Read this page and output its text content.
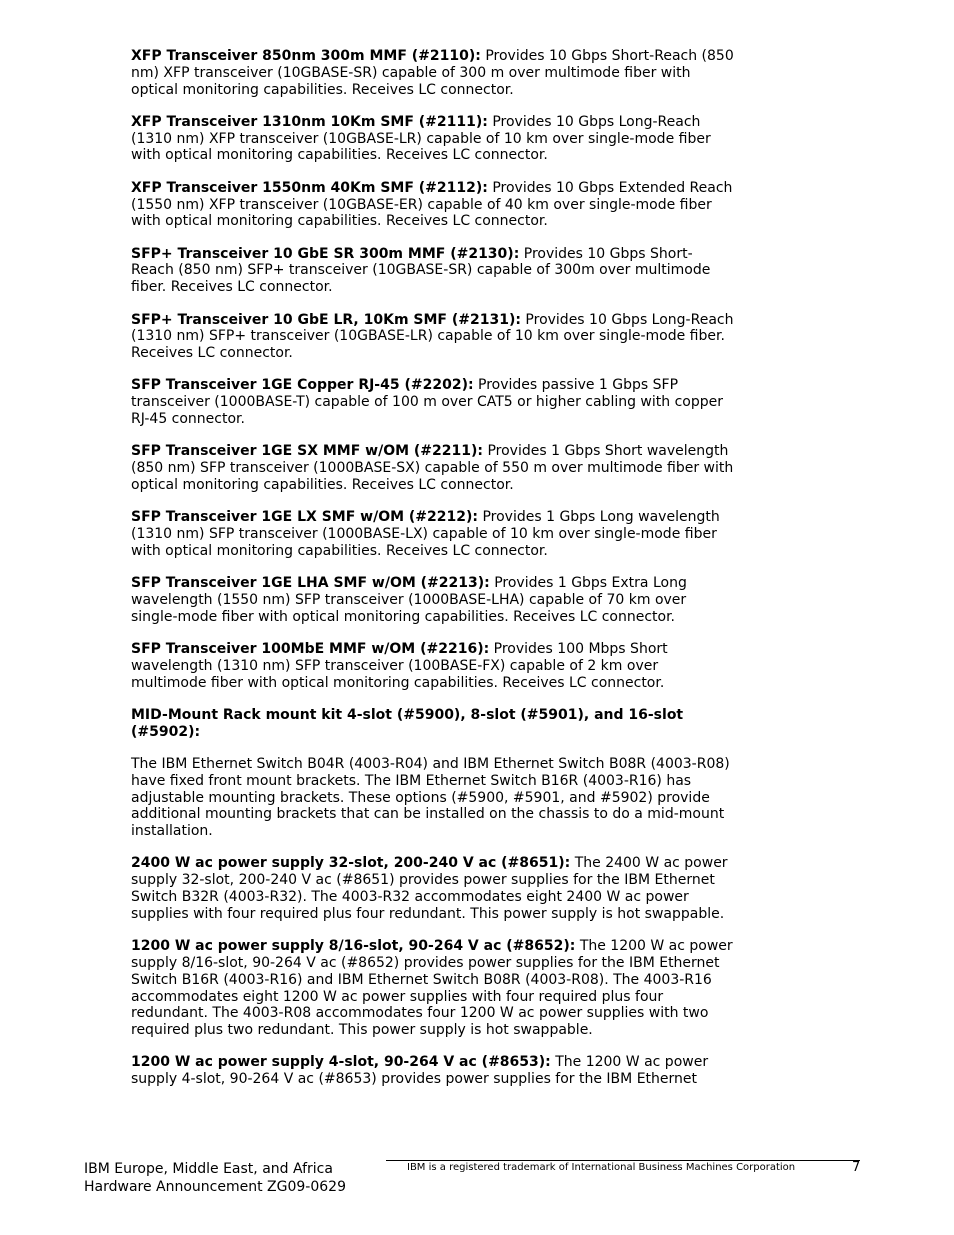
XFP Transceiver 850nm 300m MMF (#2110): Provides 10 Gbps Short-Reach (850 nm) XFP transceiver (10GBASE-SR) capable of 300 m over multimode fiber with optical monitoring capabilities. Receives LC connector.

XFP Transceiver 1310nm 10Km SMF (#2111): Provides 10 Gbps Long-Reach (1310 nm) XFP transceiver (10GBASE-LR) capable of 10 km over single-mode fiber with optical monitoring capabilities. Receives LC connector.

XFP Transceiver 1550nm 40Km SMF (#2112): Provides 10 Gbps Extended Reach (1550 nm) XFP transceiver (10GBASE-ER) capable of 40 km over single-mode fiber with optical monitoring capabilities. Receives LC connector.

SFP+ Transceiver 10 GbE SR 300m MMF (#2130): Provides 10 Gbps Short-Reach (850 nm) SFP+ transceiver (10GBASE-SR) capable of 300m over multimode fiber. Receives LC connector.

SFP+ Transceiver 10 GbE LR, 10Km SMF (#2131): Provides 10 Gbps Long-Reach (1310 nm) SFP+ transceiver (10GBASE-LR) capable of 10 km over single-mode fiber. Receives LC connector.

SFP Transceiver 1GE Copper RJ-45 (#2202): Provides passive 1 Gbps SFP transceiver (1000BASE-T) capable of 100 m over CAT5 or higher cabling with copper RJ-45 connector.

SFP Transceiver 1GE SX MMF w/OM (#2211): Provides 1 Gbps Short wavelength (850 nm) SFP transceiver (1000BASE-SX) capable of 550 m over multimode fiber with optical monitoring capabilities. Receives LC connector.

SFP Transceiver 1GE LX SMF w/OM (#2212): Provides 1 Gbps Long wavelength (1310 nm) SFP transceiver (1000BASE-LX) capable of 10 km over single-mode fiber with optical monitoring capabilities. Receives LC connector.

SFP Transceiver 1GE LHA SMF w/OM (#2213): Provides 1 Gbps Extra Long wavelength (1550 nm) SFP transceiver (1000BASE-LHA) capable of 70 km over single-mode fiber with optical monitoring capabilities. Receives LC connector.

SFP Transceiver 100MbE MMF w/OM (#2216): Provides 100 Mbps Short wavelength (1310 nm) SFP transceiver (100BASE-FX) capable of 2 km over multimode fiber with optical monitoring capabilities. Receives LC connector.

MID-Mount Rack mount kit 4-slot (#5900), 8-slot (#5901), and 16-slot (#5902):

The IBM Ethernet Switch B04R (4003-R04) and IBM Ethernet Switch B08R (4003-R08) have fixed front mount brackets. The IBM Ethernet Switch B16R (4003-R16) has adjustable mounting brackets. These options (#5900, #5901, and #5902) provide additional mounting brackets that can be installed on the chassis to do a mid-mount installation.

2400 W ac power supply 32-slot, 200-240 V ac (#8651): The 2400 W ac power supply 32-slot, 200-240 V ac (#8651) provides power supplies for the IBM Ethernet Switch B32R (4003-R32). The 4003-R32 accommodates eight 2400 W ac power supplies with four required plus four redundant. This power supply is hot swappable.

1200 W ac power supply 8/16-slot, 90-264 V ac (#8652): The 1200 W ac power supply 8/16-slot, 90-264 V ac (#8652) provides power supplies for the IBM Ethernet Switch B16R (4003-R16) and IBM Ethernet Switch B08R (4003-R08). The 4003-R16 accommodates eight 1200 W ac power supplies with four required plus four redundant. The 4003-R08 accommodates four 1200 W ac power supplies with two required plus two redundant. This power supply is hot swappable.

1200 W ac power supply 4-slot, 90-264 V ac (#8653): The 1200 W ac power supply 4-slot, 90-264 V ac (#8653) provides power supplies for the IBM Ethernet

IBM Europe, Middle East, and Africa
Hardware Announcement ZG09-0629
IBM is a registered trademark of International Business Machines Corporation	7
